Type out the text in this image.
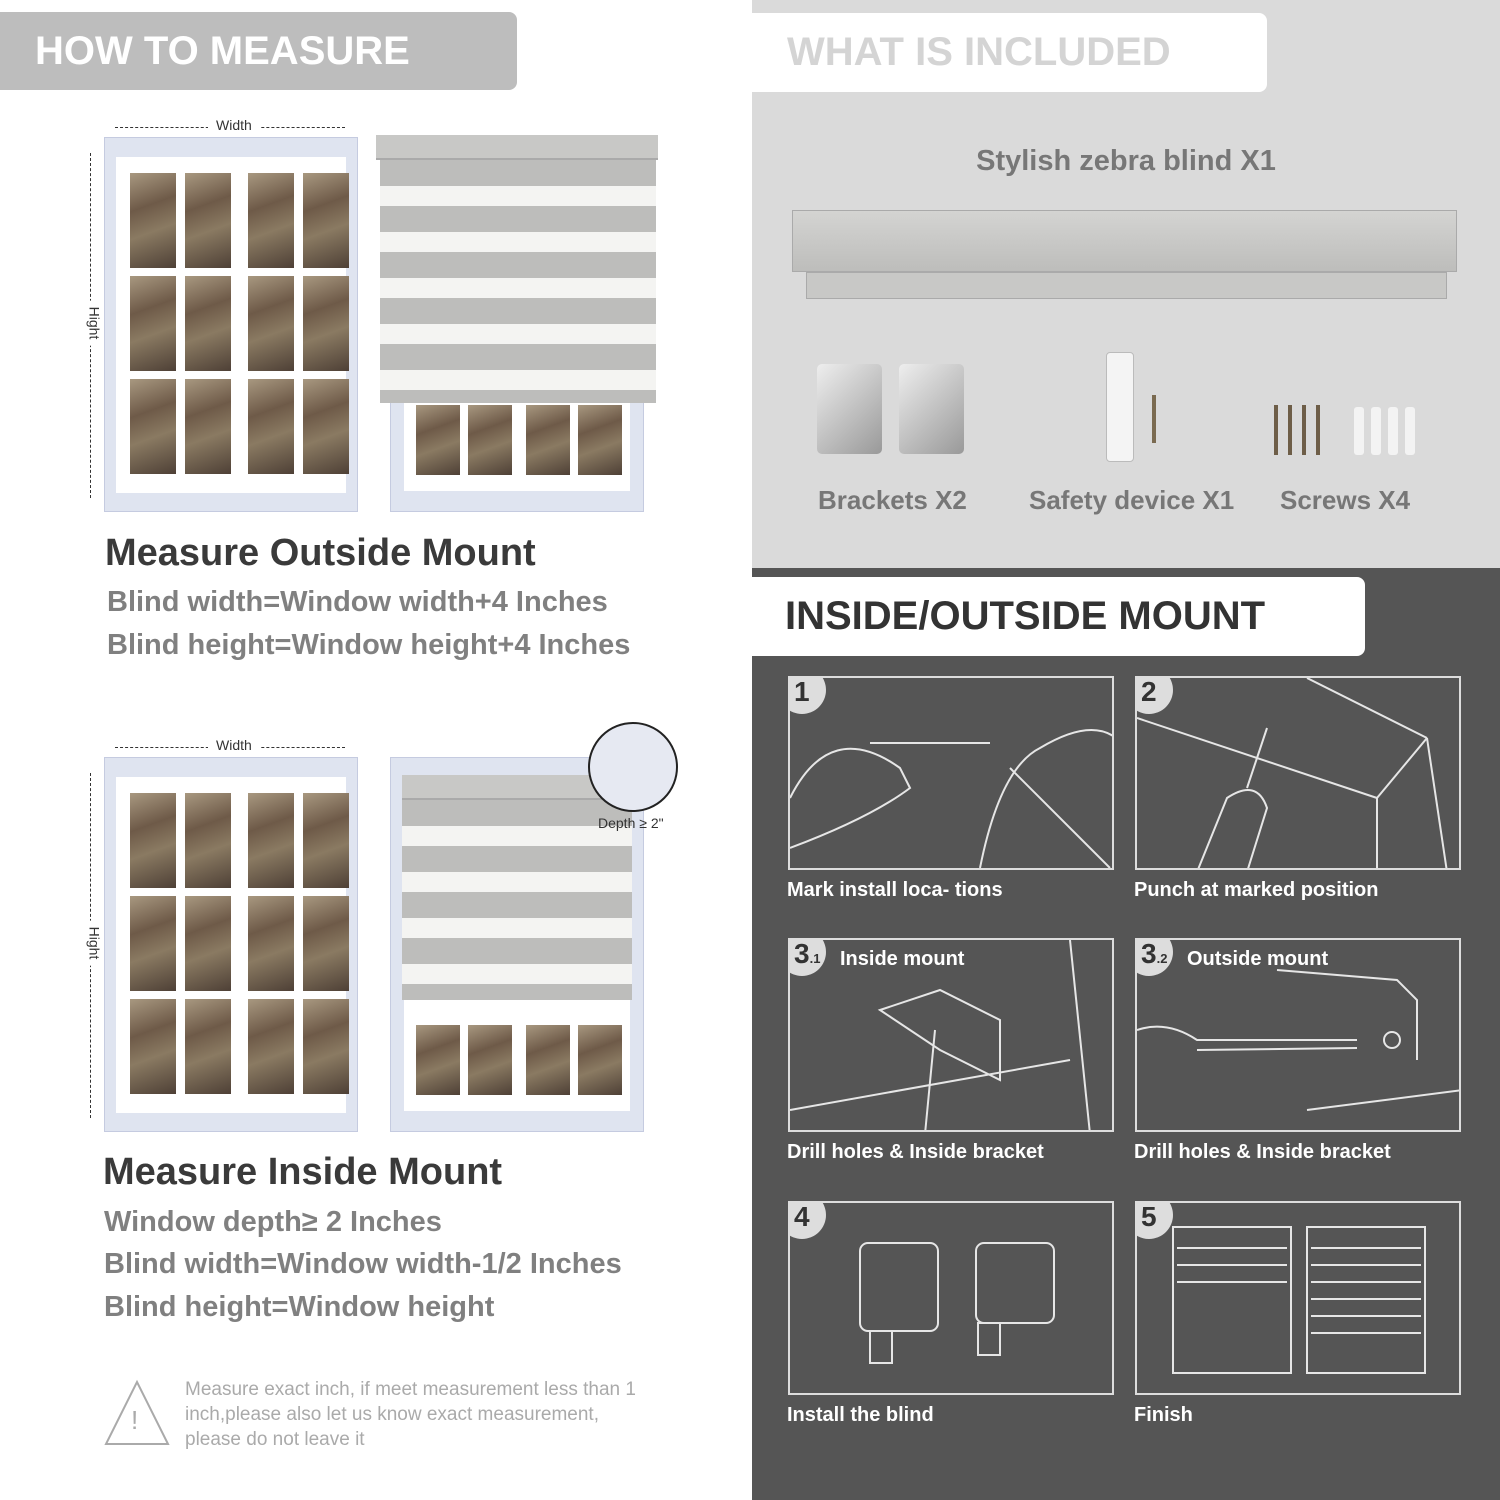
HOW TO MEASURE
Width
Hight
Measure Outside Mount
Blind width=Window width+4 Inches
Blind height=Window height+4 Inches
Width
Hight
Depth ≥ 2"
Measure Inside Mount
Window depth≥ 2 Inches
Blind width=Window width-1/2 Inches
Blind height=Window height
!
Measure exact inch, if meet measurement less than 1 inch,please also let us know exact measurement, please do not leave it
WHAT IS INCLUDED
Stylish zebra blind X1
Brackets X2 Safety device X1 Screws X4
INSIDE/OUTSIDE MOUNT
1
Mark install loca- tions
2
Punch at marked position
3.1 Inside mount
Drill holes & Inside bracket
3.2 Outside mount
Drill holes & Inside bracket
4
Install the blind
5
Finish
